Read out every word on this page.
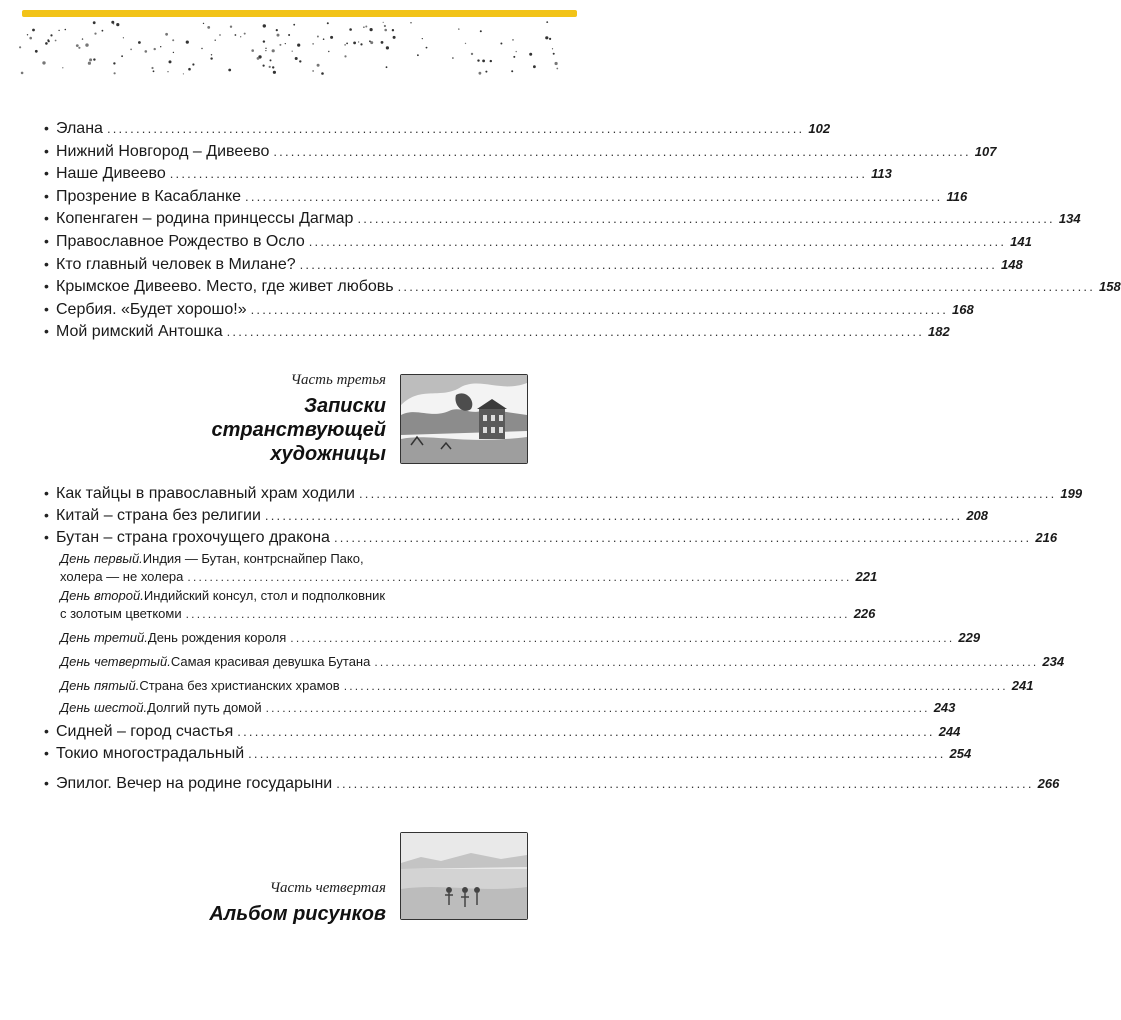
• Элана ........................................................................................................................ 102
• Нижний Новгород – Дивеево ........................................................................................................................ 107
• Наше Дивеево ........................................................................................................................ 113
• Прозрение в Касабланке ........................................................................................................................ 116
• Копенгаген – родина принцессы Дагмар ........................................................................................................................ 134
• Православное Рождество в Осло ........................................................................................................................ 141
• Кто главный человек в Милане? ........................................................................................................................ 148
• Крымское Дивеево. Место, где живет любовь ........................................................................................................................ 158
• Сербия. «Будет хорошо!» ........................................................................................................................ 168
• Мой римский Антошка ........................................................................................................................ 182
Часть третья
Записки
странствующей
художницы
• Как тайцы в православный храм ходили ........................................................................................................................ 199
• Китай – страна без религии ........................................................................................................................ 208
• Бутан – страна грохочущего дракона ........................................................................................................................ 216
День первый. Индия — Бутан, контрснайпер Пако,
холера — не холера ........................................................................................................................ 221
День второй. Индийский консул, стол и подполковник
с золотым цветкоми ........................................................................................................................ 226
День третий. День рождения короля ........................................................................................................................ 229
День четвертый. Самая красивая девушка Бутана ........................................................................................................................ 234
День пятый. Страна без христианских храмов ........................................................................................................................ 241
День шестой. Долгий путь домой ........................................................................................................................ 243
• Сидней – город счастья ........................................................................................................................ 244
• Токио многострадальный ........................................................................................................................ 254
• Эпилог. Вечер на родине государыни ........................................................................................................................ 266
Часть четвертая
Альбом рисунков
